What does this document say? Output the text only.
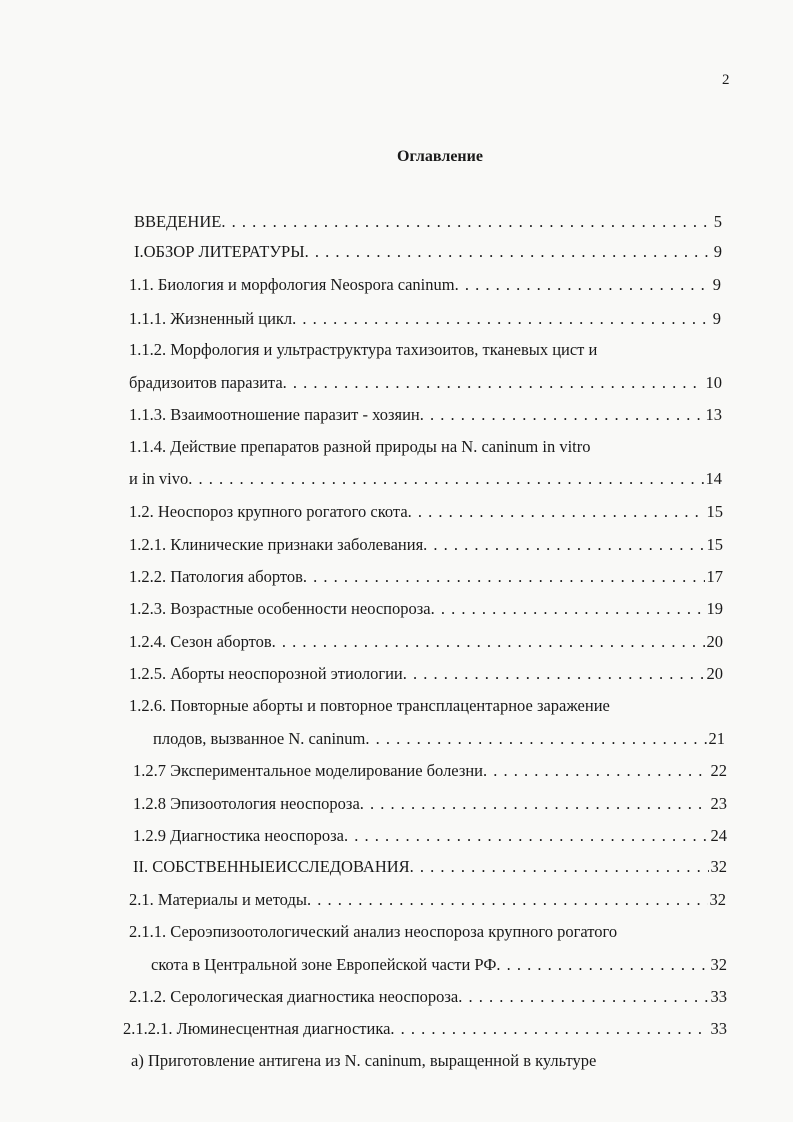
2
Оглавление
ВВЕДЕНИЕ . . .	5
I.ОБЗОР ЛИТЕРАТУРЫ . . .	9
1.1. Биология и морфология Neospora caninum . . .	9
1.1.1. Жизненный цикл . . .	9
1.1.2. Морфология и ультраструктура тахизоитов, тканевых цист и
брадизоитов паразита . . .	10
1.1.3. Взаимоотношение паразит - хозяин . . .	13
1.1.4. Действие препаратов разной природы на N. caninum in vitro
и in vivo . . .	14
1.2. Неоспороз крупного рогатого скота . . .	15
1.2.1. Клинические признаки заболевания . . .	15
1.2.2. Патология абортов . . .	17
1.2.3. Возрастные особенности неоспороза . . .	19
1.2.4. Сезон абортов . . .	20
1.2.5. Аборты неоспорозной этиологии . . .	20
1.2.6. Повторные аборты и повторное трансплацентарное заражение
плодов, вызванное N. caninum . . .	21
1.2.7 Экспериментальное моделирование болезни . . .	22
1.2.8 Эпизоотология неоспороза . . .	23
1.2.9 Диагностика неоспороза . . .	24
II. СОБСТВЕННЫЕИССЛЕДОВАНИЯ . . .	32
2.1. Материалы и методы . . .	32
2.1.1. Сероэпизоотологический анализ неоспороза крупного рогатого
скота в Центральной зоне Европейской части РФ . . .	32
2.1.2. Серологическая диагностика неоспороза . . .	33
2.1.2.1. Люминесцентная диагностика . . .	33
а) Приготовление антигена из N. caninum, выращенной в культуре
